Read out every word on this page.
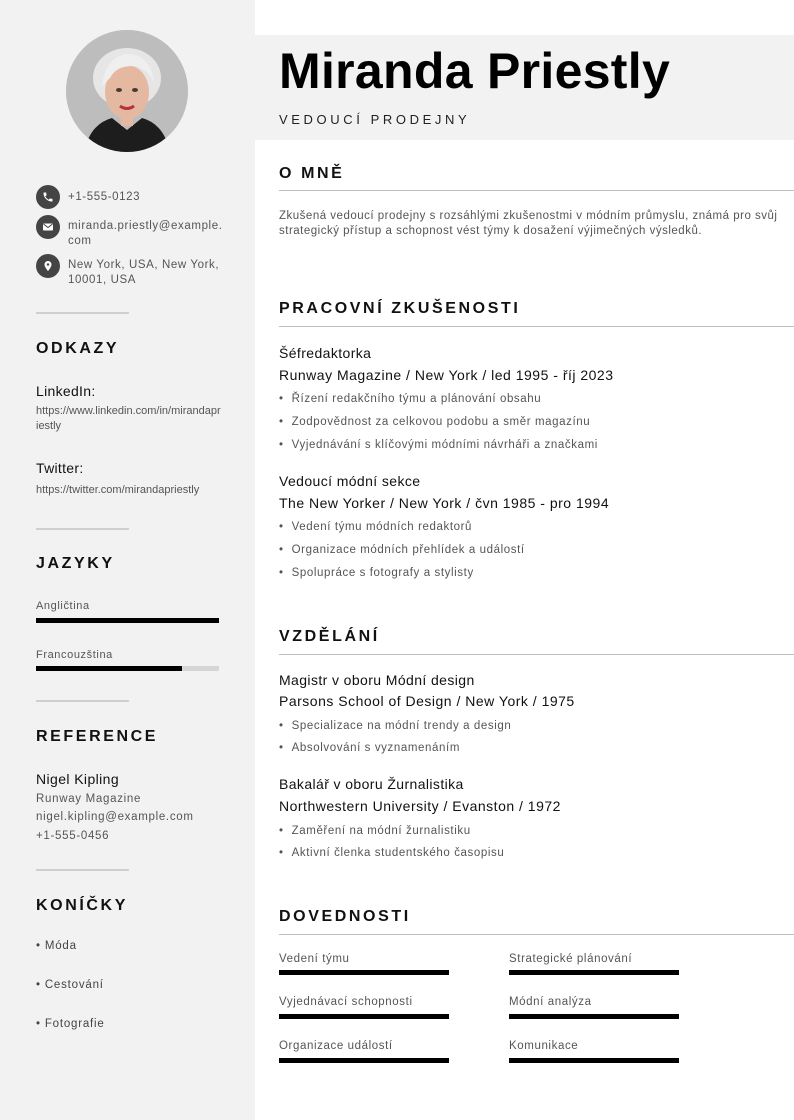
+1-555-0123
miranda.priestly@example.com
New York, USA, New York, 10001, USA
ODKAZY
LinkedIn:
https://www.linkedin.com/in/mirandapriestly
Twitter:
https://twitter.com/mirandapriestly
JAZYKY
Angličtina
Francouzština
REFERENCE
Nigel Kipling
Runway Magazine
nigel.kipling@example.com
+1-555-0456
KONÍČKY
• Móda
• Cestování
• Fotografie
Miranda Priestly
VEDOUCÍ PRODEJNY
O MNĚ
Zkušená vedoucí prodejny s rozsáhlými zkušenostmi v módním průmyslu, známá pro svůj strategický přístup a schopnost vést týmy k dosažení výjimečných výsledků.
PRACOVNÍ ZKUŠENOSTI
Šéfredaktorka
Runway Magazine / New York / led 1995 - říj 2023
• Řízení redakčního týmu a plánování obsahu
• Zodpovědnost za celkovou podobu a směr magazínu
• Vyjednávání s klíčovými módními návrháři a značkami
Vedoucí módní sekce
The New Yorker / New York / čvn 1985 - pro 1994
• Vedení týmu módních redaktorů
• Organizace módních přehlídek a událostí
• Spolupráce s fotografy a stylisty
VZDĚLÁNÍ
Magistr v oboru Módní design
Parsons School of Design / New York / 1975
• Specializace na módní trendy a design
• Absolvování s vyznamenáním
Bakalář v oboru Žurnalistika
Northwestern University / Evanston / 1972
• Zaměření na módní žurnalistiku
• Aktivní členka studentského časopisu
DOVEDNOSTI
Vedení týmu	Strategické plánování
Vyjednávací schopnosti	Módní analýza
Organizace událostí	Komunikace
